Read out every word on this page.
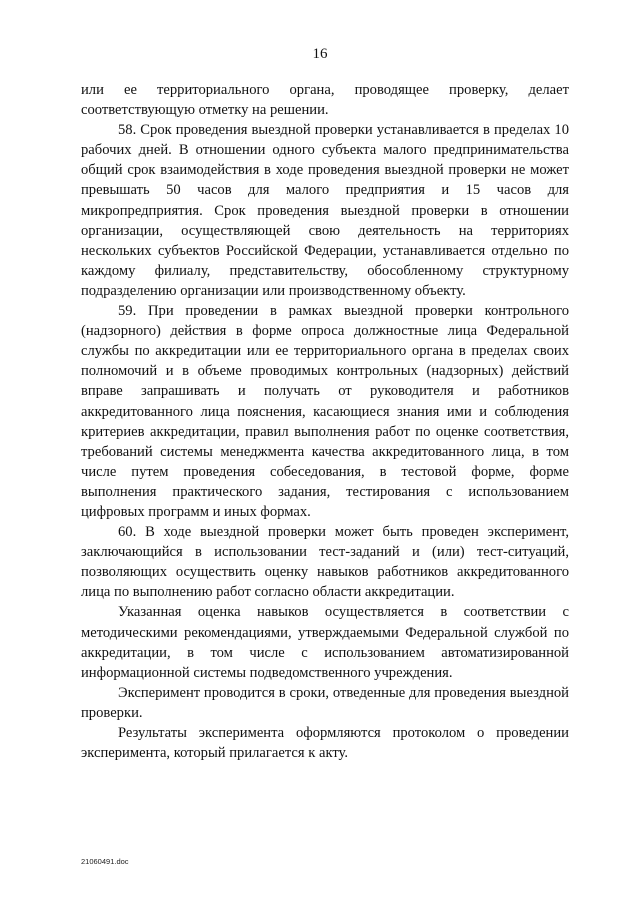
16

или ее территориального органа, проводящее проверку, делает соответствующую отметку на решении.

58. Срок проведения выездной проверки устанавливается в пределах 10 рабочих дней. В отношении одного субъекта малого предпринимательства общий срок взаимодействия в ходе проведения выездной проверки не может превышать 50 часов для малого предприятия и 15 часов для микропредприятия. Срок проведения выездной проверки в отношении организации, осуществляющей свою деятельность на территориях нескольких субъектов Российской Федерации, устанавливается отдельно по каждому филиалу, представительству, обособленному структурному подразделению организации или производственному объекту.

59. При проведении в рамках выездной проверки контрольного (надзорного) действия в форме опроса должностные лица Федеральной службы по аккредитации или ее территориального органа в пределах своих полномочий и в объеме проводимых контрольных (надзорных) действий вправе запрашивать и получать от руководителя и работников аккредитованного лица пояснения, касающиеся знания ими и соблюдения критериев аккредитации, правил выполнения работ по оценке соответствия, требований системы менеджмента качества аккредитованного лица, в том числе путем проведения собеседования, в тестовой форме, форме выполнения практического задания, тестирования с использованием цифровых программ и иных формах.

60. В ходе выездной проверки может быть проведен эксперимент, заключающийся в использовании тест-заданий и (или) тест-ситуаций, позволяющих осуществить оценку навыков работников аккредитованного лица по выполнению работ согласно области аккредитации.

Указанная оценка навыков осуществляется в соответствии с методическими рекомендациями, утверждаемыми Федеральной службой по аккредитации, в том числе с использованием автоматизированной информационной системы подведомственного учреждения.

Эксперимент проводится в сроки, отведенные для проведения выездной проверки.

Результаты эксперимента оформляются протоколом о проведении эксперимента, который прилагается к акту.

21060491.doc
